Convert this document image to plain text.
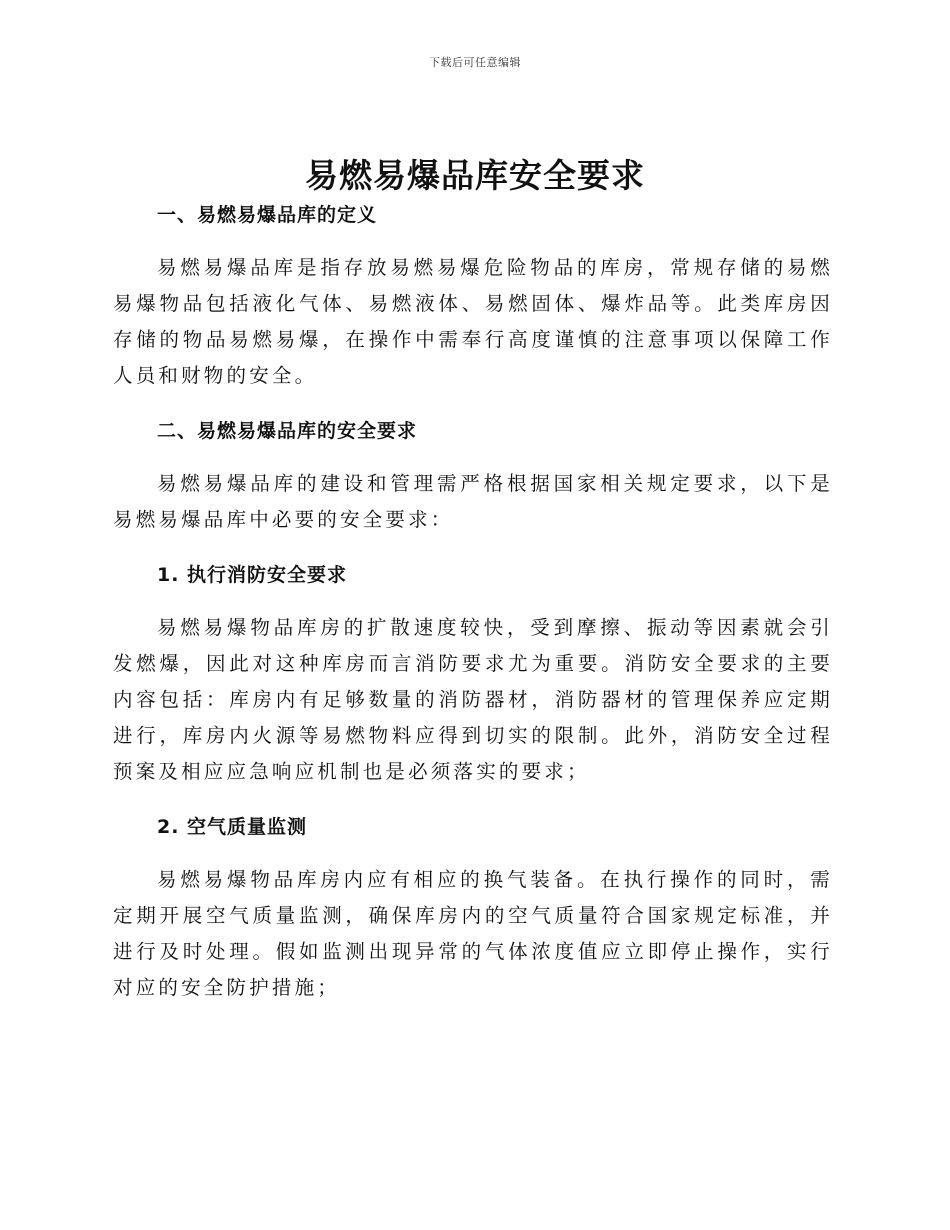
下载后可任意编辑
易燃易爆品库安全要求
一、易燃易爆品库的定义

易燃易爆品库是指存放易燃易爆危险物品的库房，常规存储的易燃易爆物品包括液化气体、易燃液体、易燃固体、爆炸品等。此类库房因存储的物品易燃易爆，在操作中需奉行高度谨慎的注意事项以保障工作人员和财物的安全。

二、易燃易爆品库的安全要求

易燃易爆品库的建设和管理需严格根据国家相关规定要求，以下是易燃易爆品库中必要的安全要求：

1. 执行消防安全要求

易燃易爆物品库房的扩散速度较快，受到摩擦、振动等因素就会引发燃爆，因此对这种库房而言消防要求尤为重要。消防安全要求的主要内容包括：库房内有足够数量的消防器材，消防器材的管理保养应定期进行，库房内火源等易燃物料应得到切实的限制。此外，消防安全过程预案及相应应急响应机制也是必须落实的要求；

2. 空气质量监测

易燃易爆物品库房内应有相应的换气装备。在执行操作的同时，需定期开展空气质量监测，确保库房内的空气质量符合国家规定标准，并进行及时处理。假如监测出现异常的气体浓度值应立即停止操作，实行对应的安全防护措施；
